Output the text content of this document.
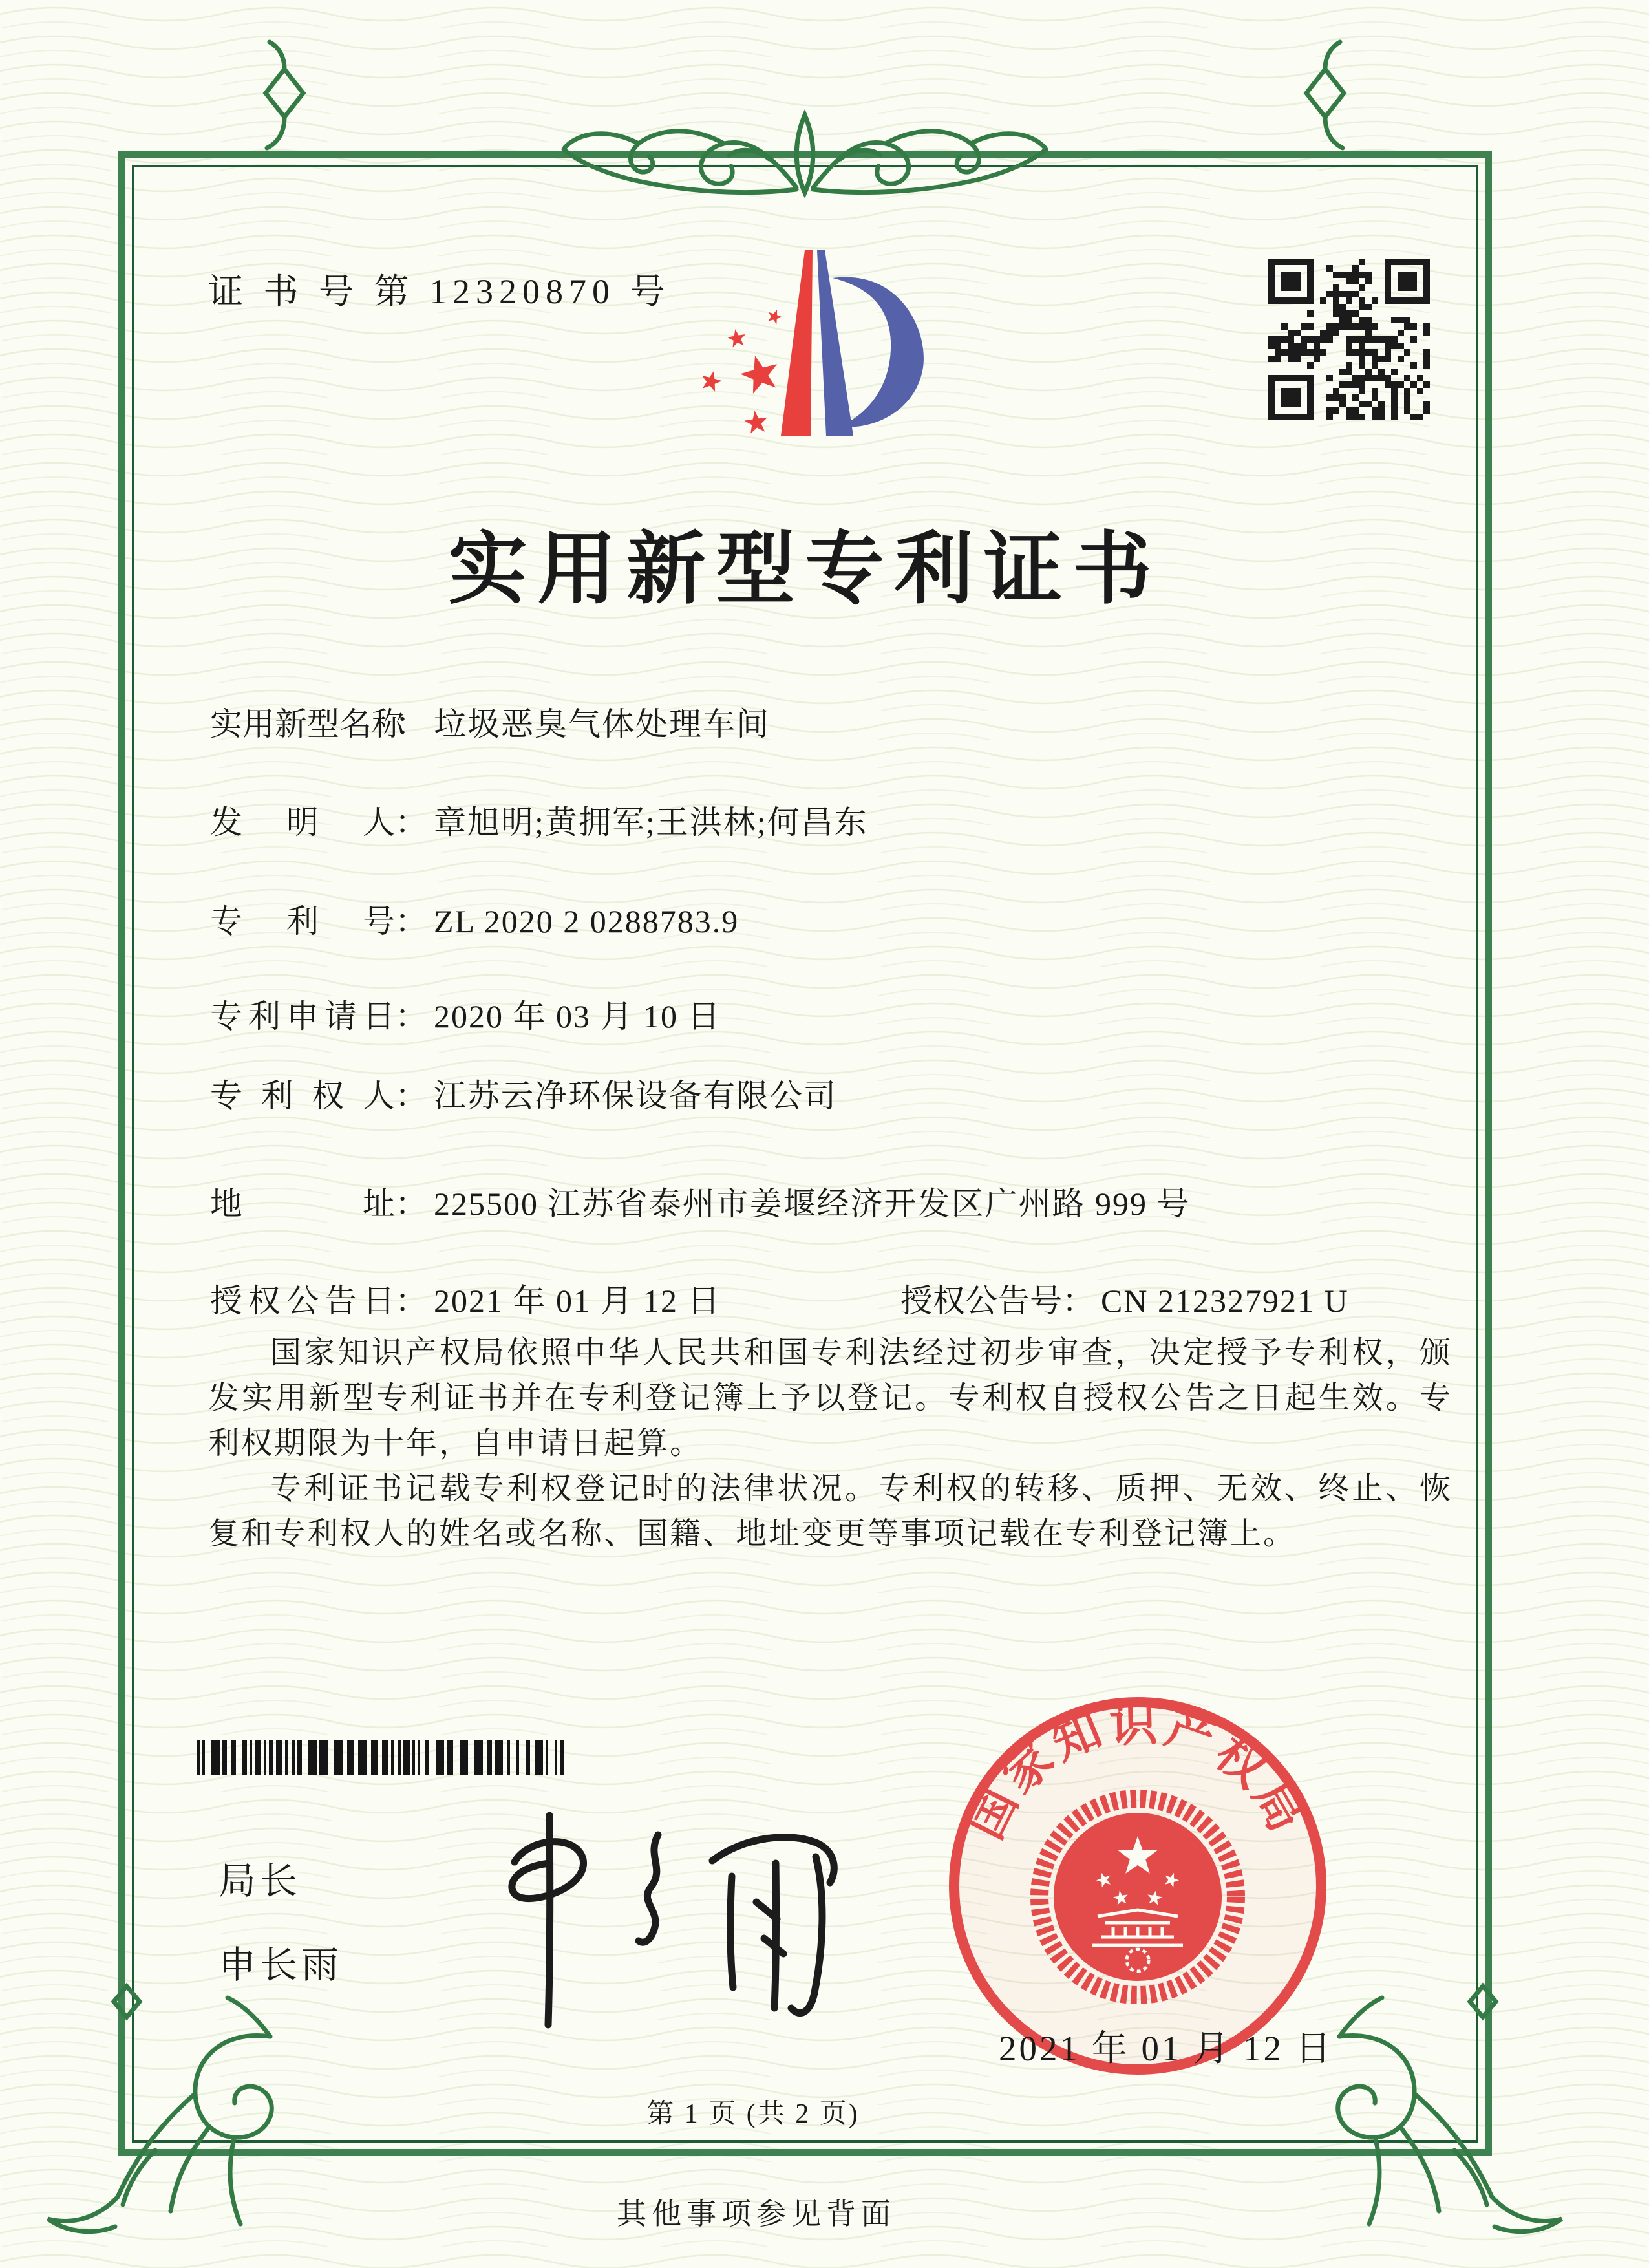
证 书 号 第 12320870 号
实用新型专利证书
实用新型名称： 垃圾恶臭气体处理车间
发明人： 章旭明;黄拥军;王洪林;何昌东
专利号： ZL 2020 2 0288783.9
专利申请日： 2020 年 03 月 10 日
专利权人： 江苏云净环保设备有限公司
地址： 225500 江苏省泰州市姜堰经济开发区广州路 999 号
授权公告日： 2021 年 01 月 12 日	授权公告号： CN 212327921 U

国家知识产权局依照中华人民共和国专利法经过初步审查，决定授予专利权，颁发实用新型专利证书并在专利登记簿上予以登记。专利权自授权公告之日起生效。专利权期限为十年，自申请日起算。

专利证书记载专利权登记时的法律状况。专利权的转移、质押、无效、终止、恢复和专利权人的姓名或名称、国籍、地址变更等事项记载在专利登记簿上。

局长
申长雨
国家知识产权局
2021 年 01 月 12 日
第 1 页 (共 2 页)
其他事项参见背面
